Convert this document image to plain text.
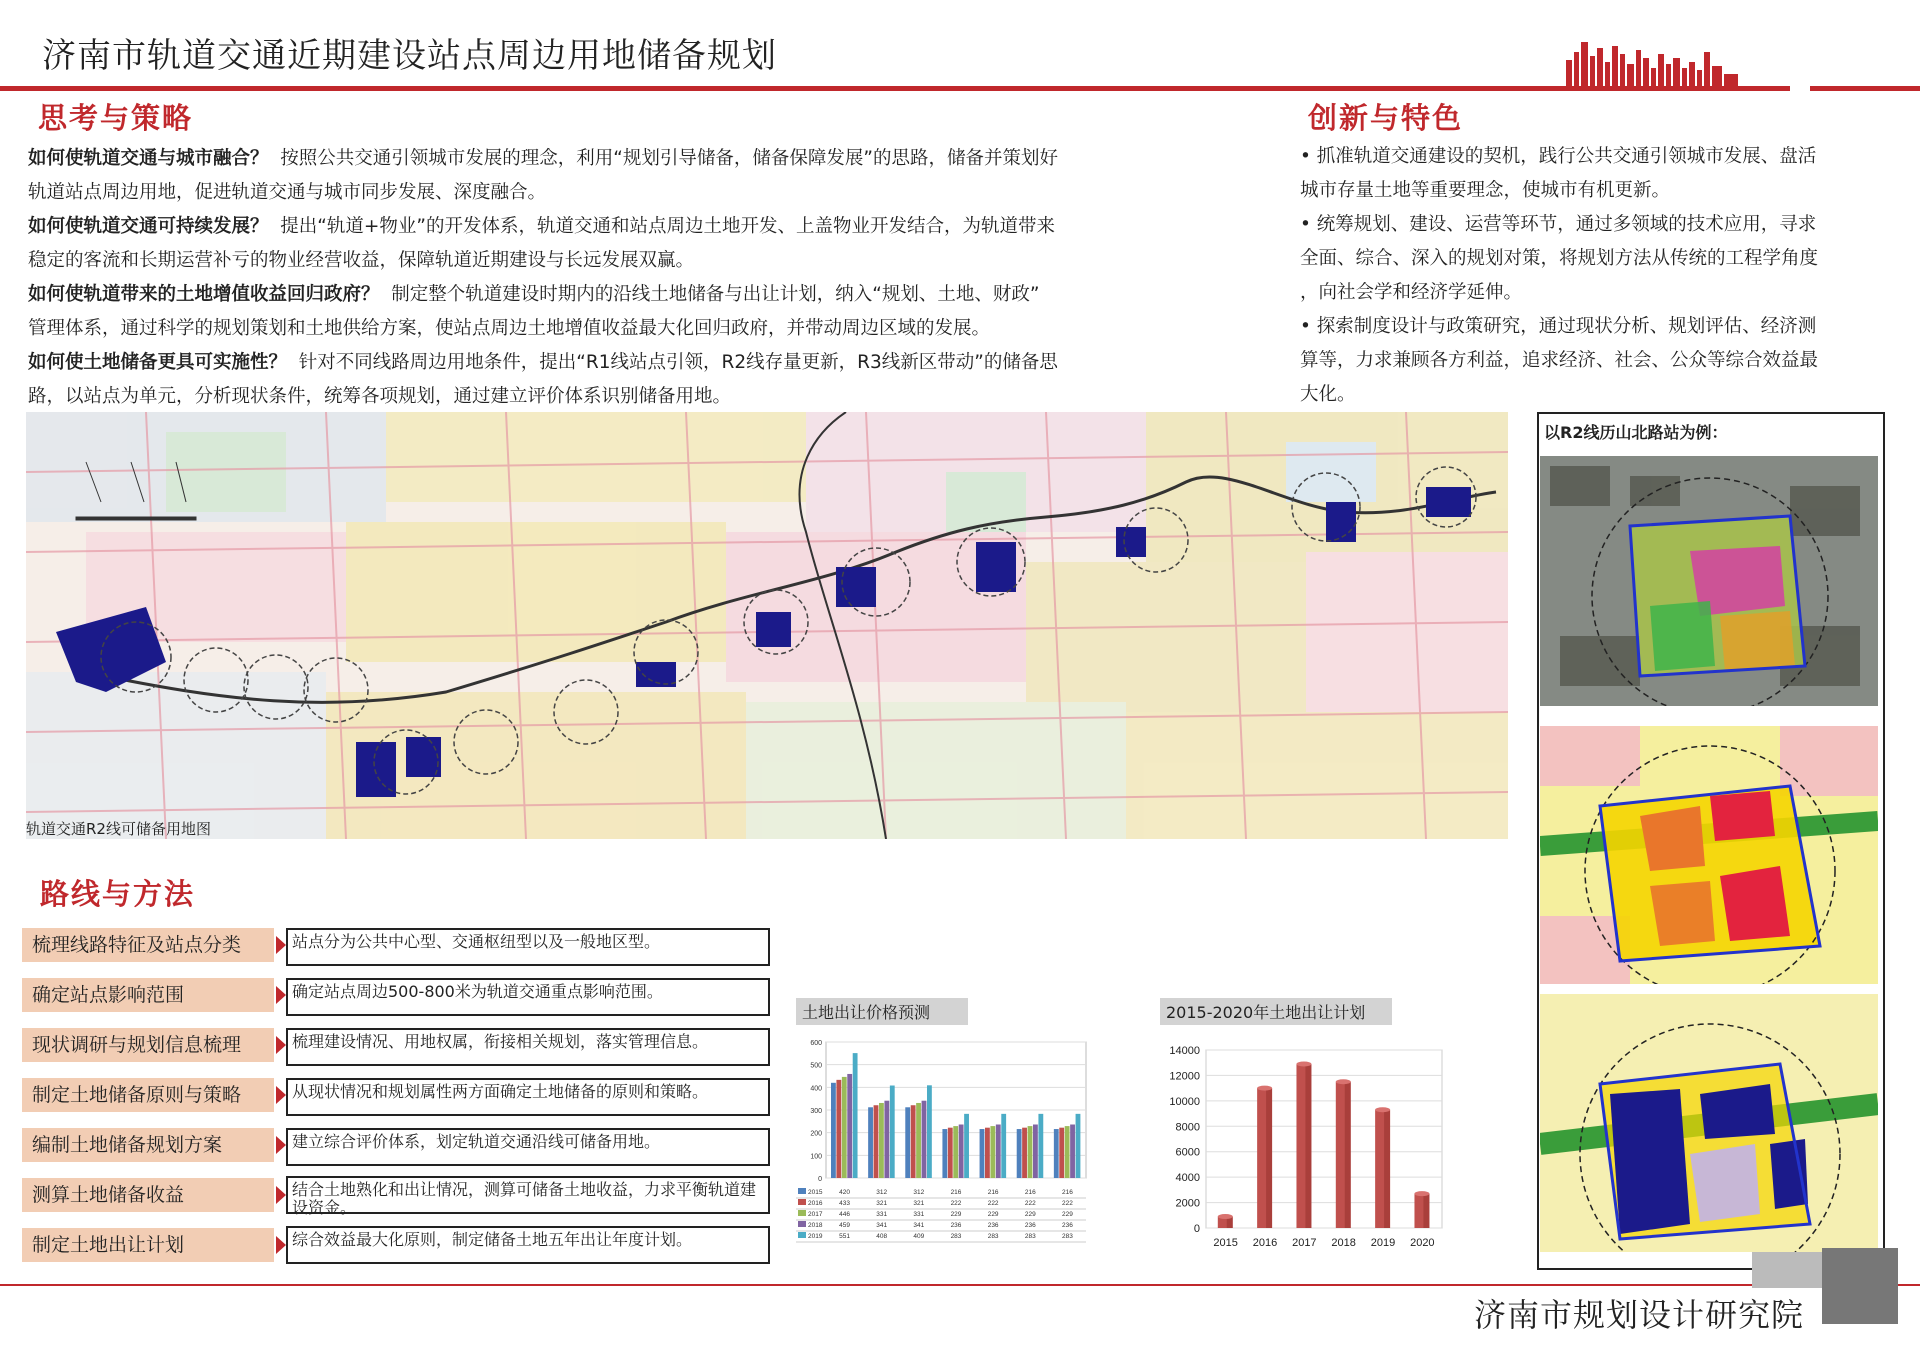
济南市轨道交通近期建设站点周边用地储备规划
思考与策略
如何使轨道交通与城市融合？ 按照公共交通引领城市发展的理念，利用“规划引导储备，储备保障发展”的思路，储备并策划好
轨道站点周边用地，促进轨道交通与城市同步发展、深度融合。
如何使轨道交通可持续发展？ 提出“轨道+物业”的开发体系，轨道交通和站点周边土地开发、上盖物业开发结合，为轨道带来
稳定的客流和长期运营补亏的物业经营收益，保障轨道近期建设与长远发展双赢。
如何使轨道带来的土地增值收益回归政府？ 制定整个轨道建设时期内的沿线土地储备与出让计划，纳入“规划、土地、财政”
管理体系，通过科学的规划策划和土地供给方案，使站点周边土地增值收益最大化回归政府，并带动周边区域的发展。
如何使土地储备更具可实施性？ 针对不同线路周边用地条件，提出“R1线站点引领，R2线存量更新，R3线新区带动”的储备思
路，以站点为单元，分析现状条件，统筹各项规划，通过建立评价体系识别储备用地。
创新与特色
• 抓准轨道交通建设的契机，践行公共交通引领城市发展、盘活
城市存量土地等重要理念，使城市有机更新。
• 统筹规划、建设、运营等环节，通过多领域的技术应用，寻求
全面、综合、深入的规划对策，将规划方法从传统的工程学角度
，向社会学和经济学延伸。
• 探索制度设计与政策研究，通过现状分析、规划评估、经济测
算等，力求兼顾各方利益，追求经济、社会、公众等综合效益最
大化。
轨道交通R2线可储备用地图
以R2线历山北路站为例：
路线与方法
梳理线路特征及站点分类	站点分为公共中心型、交通枢纽型以及一般地区型。
确定站点影响范围	确定站点周边500-800米为轨道交通重点影响范围。
现状调研与规划信息梳理	梳理建设情况、用地权属，衔接相关规划，落实管理信息。
制定土地储备原则与策略	从现状情况和规划属性两方面确定土地储备的原则和策略。
编制土地储备规划方案	建立综合评价体系，划定轨道交通沿线可储备用地。
测算土地储备收益	结合土地熟化和出让情况，测算可储备土地收益，力求平衡轨道建设资金。
制定土地出让计划	综合效益最大化原则，制定储备土地五年出让年度计划。
土地出让价格预测
0
100
200
300
400
500
600
2015	420	312	312	216	216	216	216
2016	433	321	321	222	222	222	222
2017	446	331	331	229	229	229	229
2018	459	341	341	236	236	236	236
2019	551	408	409	283	283	283	283
2015-2020年土地出让计划
0
2000
4000
6000
8000
10000
12000
14000
2015 2016 2017 2018 2019 2020
济南市规划设计研究院
